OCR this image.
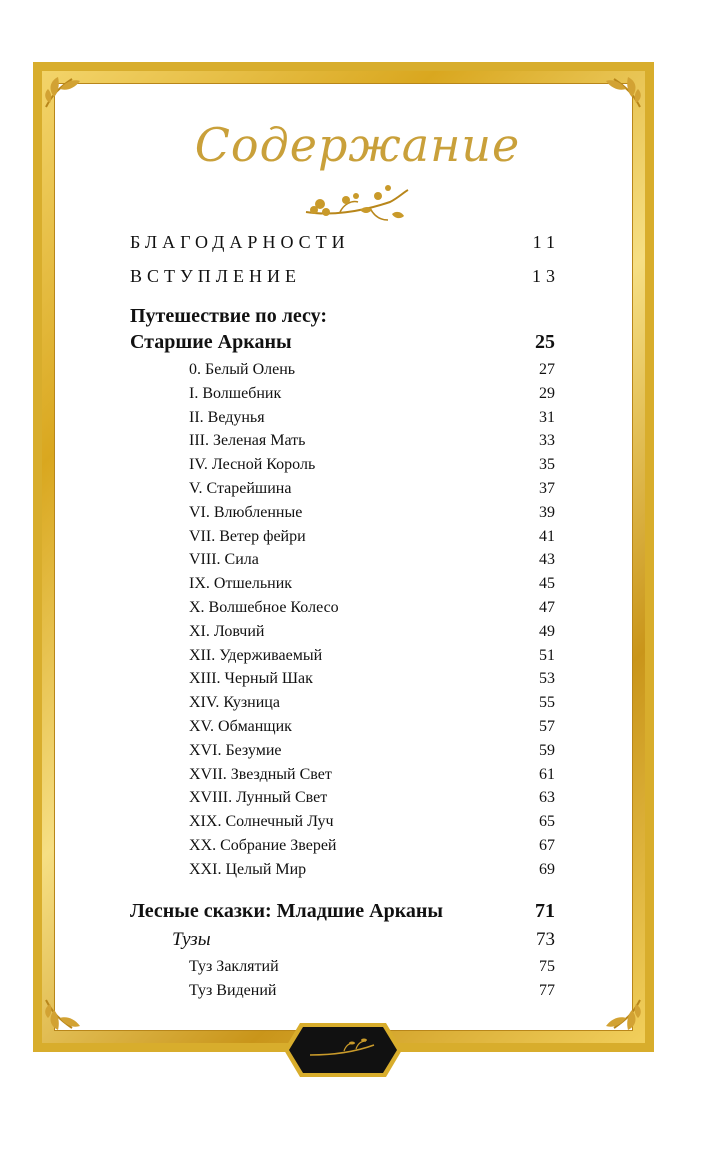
Содержание
БЛАГОДАРНОСТИ	11
ВСТУПЛЕНИЕ	13
Путешествие по лесу:
Старшие Арканы	25
0. Белый Олень	27
I. Волшебник	29
II. Ведунья	31
III. Зеленая Мать	33
IV. Лесной Король	35
V. Старейшина	37
VI. Влюбленные	39
VII. Ветер фейри	41
VIII. Сила	43
IX. Отшельник	45
X. Волшебное Колесо	47
XI. Ловчий	49
XII. Удерживаемый	51
XIII. Черный Шак	53
XIV. Кузница	55
XV. Обманщик	57
XVI. Безумие	59
XVII. Звездный Свет	61
XVIII. Лунный Свет	63
XIX. Солнечный Луч	65
XX. Собрание Зверей	67
XXI. Целый Мир	69
Лесные сказки: Младшие Арканы	71
Тузы	73
Туз Заклятий	75
Туз Видений	77
